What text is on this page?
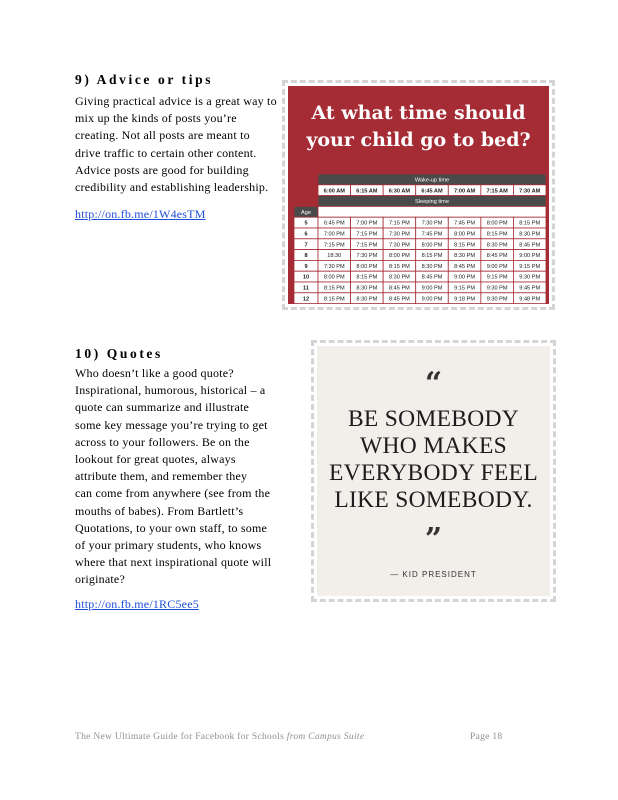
9) Advice or tips
Giving practical advice is a great way to
mix up the kinds of posts you’re
creating. Not all posts are meant to
drive traffic to certain other content.
Advice posts are good for building
credibility and establishing leadership.
http://on.fb.me/1W4esTM
At what time should
your child go to bed?
Wake-up time
6:00 AM 6:15 AM 6:30 AM 6:45 AM 7:00 AM 7:15 AM 7:30 AM
Sleeping time
Age
5	6:45 PM 7:00 PM 7:15 PM 7:30 PM 7:45 PM 8:00 PM 8:15 PM
6	7:00 PM 7:15 PM 7:30 PM 7:45 PM 8:00 PM 8:15 PM 8:30 PM
7	7:15 PM 7:15 PM 7:30 PM 8:00 PM 8:15 PM 8:30 PM 8:45 PM
8	18:30	7:30 PM 8:00 PM 8:15 PM 8:30 PM 8:45 PM 9:00 PM
9	7:30 PM 8:00 PM 8:15 PM 8:30 PM 8:45 PM 9:00 PM 9:15 PM
10	8:00 PM 8:15 PM 8:30 PM 8:45 PM 9:00 PM 9:15 PM 9:30 PM
11	8:15 PM 8:30 PM 8:45 PM 9:00 PM 9:15 PM 9:30 PM 9:45 PM
12	8:15 PM 8:30 PM 8:45 PM 9:00 PM 9:18 PM 9:30 PM 9:48 PM
10) Quotes
Who doesn’t like a good quote?
Inspirational, humorous, historical – a
quote can summarize and illustrate
some key message you’re trying to get
across to your followers. Be on the
lookout for great quotes, always
attribute them, and remember they
can come from anywhere (see from the
mouths of babes). From Bartlett’s
Quotations, to your own staff, to some
of your primary students, who knows
where that next inspirational quote will
originate?
http://on.fb.me/1RC5ee5
“
BE SOMEBODY
WHO MAKES
EVERYBODY FEEL
LIKE SOMEBODY.
”
— KID PRESIDENT
The New Ultimate Guide for Facebook for Schools from Campus Suite	Page 18
